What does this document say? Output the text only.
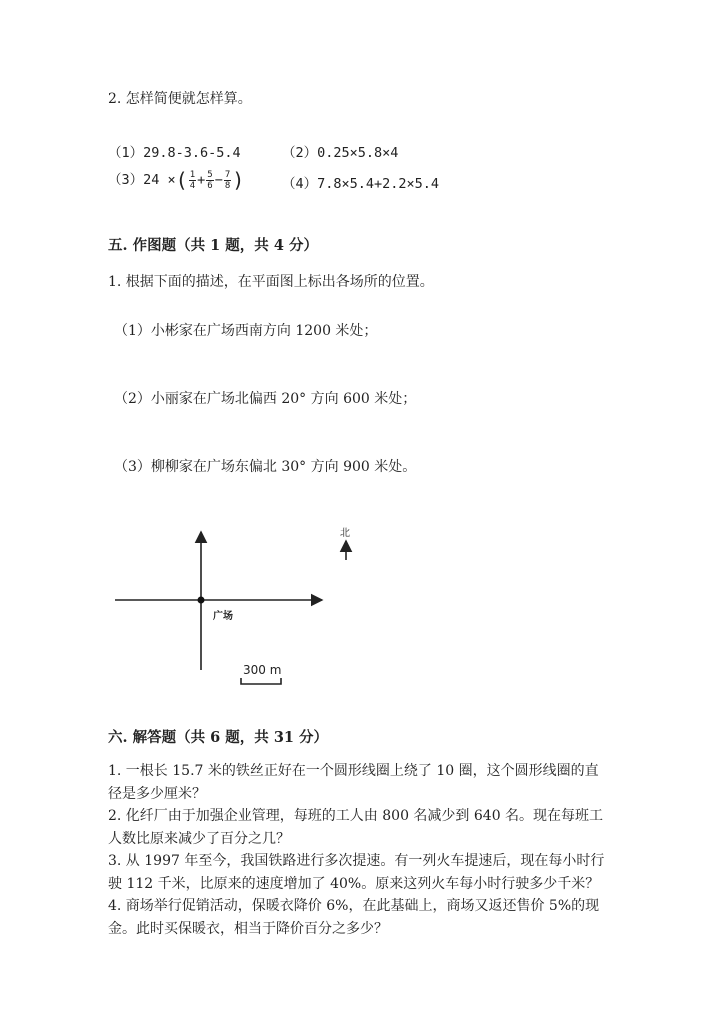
2. 怎样简便就怎样算。
（1）29.8-3.6-5.4	（2）0.25×5.8×4
（3）24 ×( $\frac{1}{4} + \frac{5}{6} - \frac{7}{8}$ )	（4）7.8×5.4+2.2×5.4
五. 作图题（共 1 题，共 4 分）
1. 根据下面的描述，在平面图上标出各场所的位置。
（1）小彬家在广场西南方向 1200 米处；
（2）小丽家在广场北偏西 20° 方向 600 米处；
（3）柳柳家在广场东偏北 30° 方向 900 米处。
广场
北
300 m
六. 解答题（共 6 题，共 31 分）
1. 一根长 15.7 米的铁丝正好在一个圆形线圈上绕了 10 圈，这个圆形线圈的直
径是多少厘米？
2. 化纤厂由于加强企业管理，每班的工人由 800 名减少到 640 名。现在每班工
人数比原来减少了百分之几？
3. 从 1997 年至今，我国铁路进行多次提速。有一列火车提速后，现在每小时行
驶 112 千米，比原来的速度增加了 40%。原来这列火车每小时行驶多少千米？
4. 商场举行促销活动，保暖衣降价 6%，在此基础上，商场又返还售价 5%的现
金。此时买保暖衣，相当于降价百分之多少？
